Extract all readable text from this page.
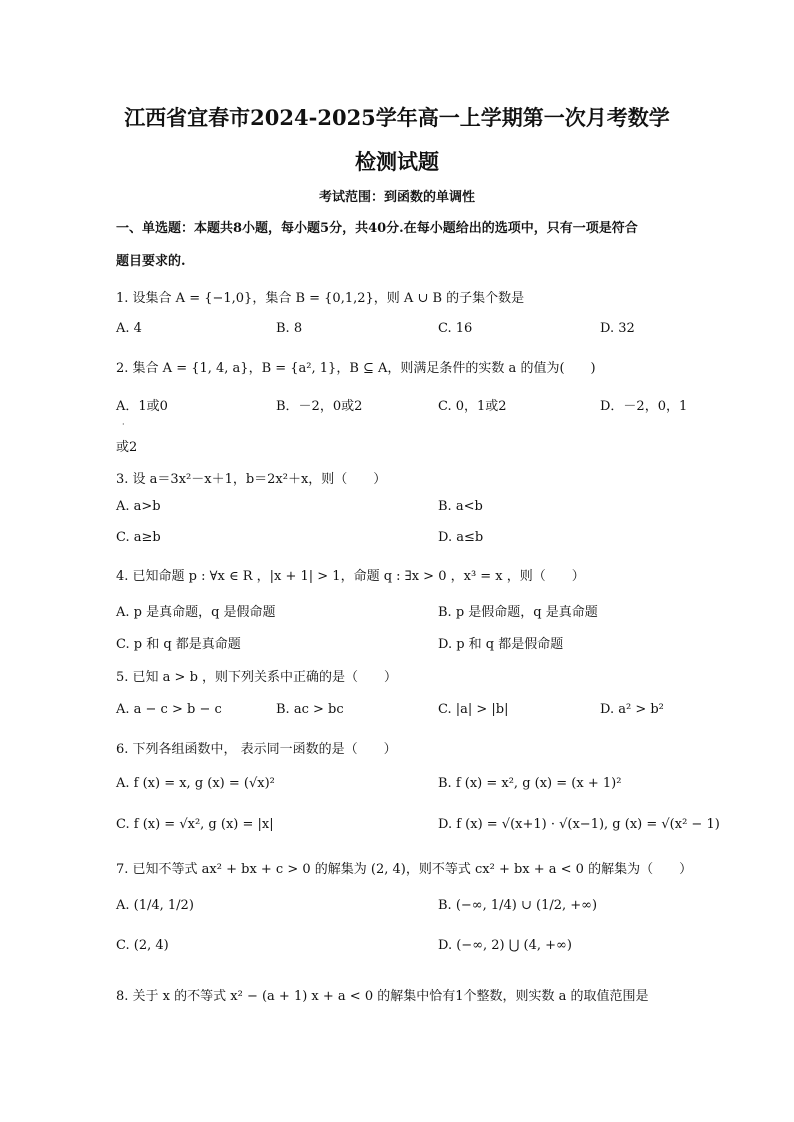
江西省宜春市2024-2025学年高一上学期第一次月考数学
检测试题
考试范围：到函数的单调性
一、单选题：本题共8小题，每小题5分，共40分.在每小题给出的选项中，只有一项是符合
题目要求的.
1. 设集合 A = {−1,0}，集合 B = {0,1,2}，则 A ∪ B 的子集个数是
A. 4	B. 8	C. 16	D. 32
2. 集合 A = {1, 4, a}，B = {a², 1}，B ⊆ A，则满足条件的实数 a 的值为(　　)
A．1或0
·
B．－2，0或2	C. 0，1或2	D．－2，0，1
或2
3. 设 a＝3x²－x＋1，b＝2x²＋x，则（　　）
A. a>b	B. a<b
C. a≥b	D. a≤b
4. 已知命题 p : ∀x ∈ R ，|x + 1| > 1，命题 q : ∃x > 0 ，x³ = x ，则（　　）
A. p 是真命题，q 是假命题	B. p 是假命题，q 是真命题
C. p 和 q 都是真命题	D. p 和 q 都是假命题
5. 已知 a > b ，则下列关系中正确的是（　　）
A. a − c > b − c	B. ac > bc	C. |a| > |b|	D. a² > b²
6. 下列各组函数中， 表示同一函数的是（　　）
A. f (x) = x, g (x) = (√x)²	B. f (x) = x², g (x) = (x + 1)²
C. f (x) = √x², g (x) = |x|	D. f (x) = √(x+1) · √(x−1), g (x) = √(x² − 1)
7. 已知不等式 ax² + bx + c > 0 的解集为 (2, 4)，则不等式 cx² + bx + a < 0 的解集为（　　）
A. (1/4, 1/2)	B. (−∞, 1/4) ∪ (1/2, +∞)
C. (2, 4)	D. (−∞, 2) ⋃ (4, +∞)
8. 关于 x 的不等式 x² − (a + 1) x + a < 0 的解集中恰有1个整数，则实数 a 的取值范围是
